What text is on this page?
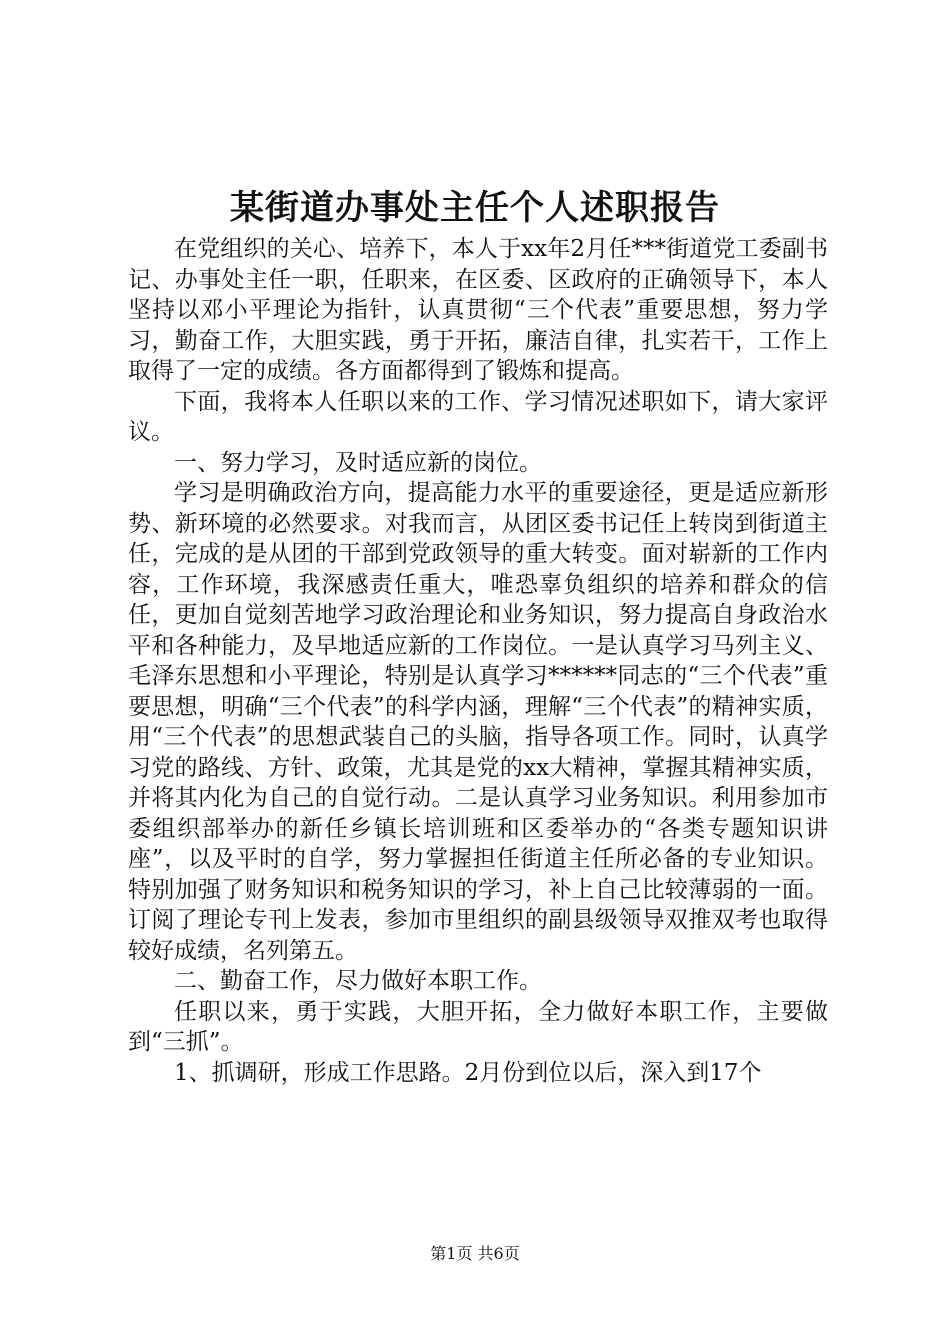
某街道办事处主任个人述职报告

在党组织的关心、培养下，本人于xx年2月任***街道党工委副书记、办事处主任一职，任职来，在区委、区政府的正确领导下，本人坚持以邓小平理论为指针，认真贯彻“三个代表”重要思想，努力学习，勤奋工作，大胆实践，勇于开拓，廉洁自律，扎实若干，工作上取得了一定的成绩。各方面都得到了锻炼和提高。

下面，我将本人任职以来的工作、学习情况述职如下，请大家评议。

一、努力学习，及时适应新的岗位。

学习是明确政治方向，提高能力水平的重要途径，更是适应新形势、新环境的必然要求。对我而言，从团区委书记任上转岗到街道主任，完成的是从团的干部到党政领导的重大转变。面对崭新的工作内容，工作环境，我深感责任重大，唯恐辜负组织的培养和群众的信任，更加自觉刻苦地学习政治理论和业务知识，努力提高自身政治水平和各种能力，及早地适应新的工作岗位。一是认真学习马列主义、毛泽东思想和小平理论，特别是认真学习******同志的“三个代表”重要思想，明确“三个代表”的科学内涵，理解“三个代表”的精神实质，用“三个代表”的思想武装自己的头脑，指导各项工作。同时，认真学习党的路线、方针、政策，尤其是党的xx大精神，掌握其精神实质，并将其内化为自己的自觉行动。二是认真学习业务知识。利用参加市委组织部举办的新任乡镇长培训班和区委举办的“各类专题知识讲座”，以及平时的自学，努力掌握担任街道主任所必备的专业知识。特别加强了财务知识和税务知识的学习，补上自己比较薄弱的一面。订阅了理论专刊上发表，参加市里组织的副县级领导双推双考也取得较好成绩，名列第五。

二、勤奋工作，尽力做好本职工作。

任职以来，勇于实践，大胆开拓，全力做好本职工作，主要做到“三抓”。

1、抓调研，形成工作思路。2月份到位以后，深入到17个

第1页 共6页
